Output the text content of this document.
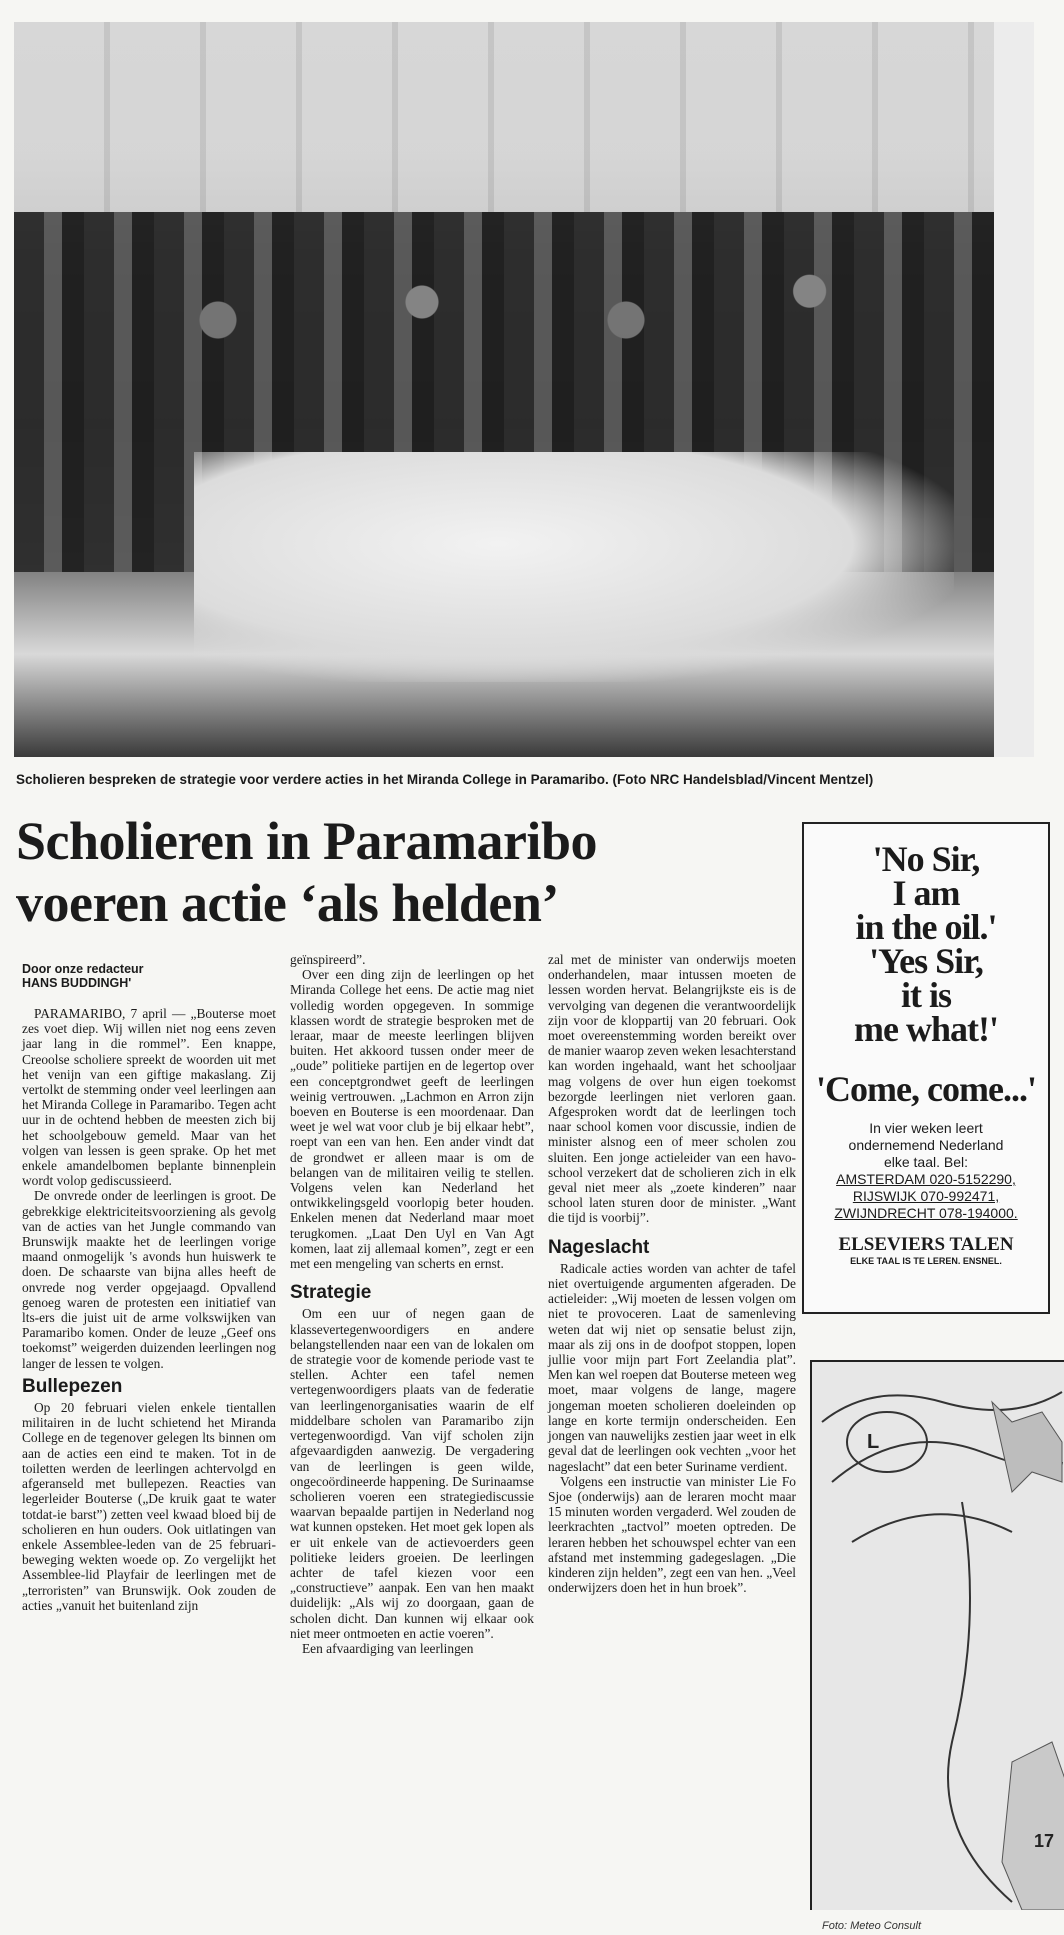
Scholieren bespreken de strategie voor verdere acties in het Miranda College in Paramaribo. (Foto NRC Handelsblad/Vincent Mentzel)
Scholieren in Paramaribo
voeren actie ‘als helden’
Door onze redacteur
HANS BUDDINGH'

PARAMARIBO, 7 april — „Bouterse moet zes voet diep. Wij willen niet nog eens zeven jaar lang in die rommel”. Een knappe, Creoolse scholiere spreekt de woorden uit met het venijn van een giftige makaslang. Zij vertolkt de stemming onder veel leerlingen aan het Miranda College in Paramaribo. Tegen acht uur in de ochtend hebben de meesten zich bij het schoolgebouw gemeld. Maar van het volgen van lessen is geen sprake. Op het met enkele amandelbomen beplante binnenplein wordt volop gediscussieerd.

De onvrede onder de leerlingen is groot. De gebrekkige elektriciteitsvoorziening als gevolg van de acties van het Jungle commando van Brunswijk maakte het de leerlingen vorige maand onmogelijk 's avonds hun huiswerk te doen. De schaarste van bijna alles heeft de onvrede nog verder opgejaagd. Opvallend genoeg waren de protesten een initiatief van lts-ers die juist uit de arme volkswijken van Paramaribo komen. Onder de leuze „Geef ons toekomst” weigerden duizenden leerlingen nog langer de lessen te volgen.

Bullepezen

Op 20 februari vielen enkele tientallen militairen in de lucht schietend het Miranda College en de tegenover gelegen lts binnen om aan de acties een eind te maken. Tot in de toiletten werden de leerlingen achtervolgd en afgeranseld met bullepezen. Reacties van legerleider Bouterse („De kruik gaat te water totdat-ie barst”) zetten veel kwaad bloed bij de scholieren en hun ouders. Ook uitlatingen van enkele Assemblee-leden van de 25 februari-beweging wekten woede op. Zo vergelijkt het Assemblee-lid Playfair de leerlingen met de „terroristen” van Brunswijk. Ook zouden de acties „vanuit het buitenland zijn

geïnspireerd”.

Over een ding zijn de leerlingen op het Miranda College het eens. De actie mag niet volledig worden opgegeven. In sommige klassen wordt de strategie besproken met de leraar, maar de meeste leerlingen blijven buiten. Het akkoord tussen onder meer de „oude” politieke partijen en de legertop over een conceptgrondwet geeft de leerlingen weinig vertrouwen. „Lachmon en Arron zijn boeven en Bouterse is een moordenaar. Dan weet je wel wat voor club je bij elkaar hebt”, roept van een van hen. Een ander vindt dat de grondwet er alleen maar is om de belangen van de militairen veilig te stellen. Volgens velen kan Nederland het ontwikkelingsgeld voorlopig beter houden. Enkelen menen dat Nederland maar moet terugkomen. „Laat Den Uyl en Van Agt komen, laat zij allemaal komen”, zegt er een met een mengeling van scherts en ernst.

Strategie

Om een uur of negen gaan de klassevertegenwoordigers en andere belangstellenden naar een van de lokalen om de strategie voor de komende periode vast te stellen. Achter een tafel nemen vertegenwoordigers plaats van de federatie van leerlingenorganisaties waarin de elf middelbare scholen van Paramaribo zijn vertegenwoordigd. Van vijf scholen zijn afgevaardigden aanwezig. De vergadering van de leerlingen is geen wilde, ongecoördineerde happening. De Surinaamse scholieren voeren een strategiediscussie waarvan bepaalde partijen in Nederland nog wat kunnen opsteken. Het moet gek lopen als er uit enkele van de actievoerders geen politieke leiders groeien. De leerlingen achter de tafel kiezen voor een „constructieve” aanpak. Een van hen maakt duidelijk: „Als wij zo doorgaan, gaan de scholen dicht. Dan kunnen wij elkaar ook niet meer ontmoeten en actie voeren”.

Een afvaardiging van leerlingen

zal met de minister van onderwijs moeten onderhandelen, maar intussen moeten de lessen worden hervat. Belangrijkste eis is de vervolging van degenen die verantwoordelijk zijn voor de kloppartij van 20 februari. Ook moet overeenstemming worden bereikt over de manier waarop zeven weken lesachterstand kan worden ingehaald, want het schooljaar mag volgens de over hun eigen toekomst bezorgde leerlingen niet verloren gaan. Afgesproken wordt dat de leerlingen toch naar school komen voor discussie, indien de minister alsnog een of meer scholen zou sluiten. Een jonge actieleider van een havo-school verzekert dat de scholieren zich in elk geval niet meer als „zoete kinderen” naar school laten sturen door de minister. „Want die tijd is voorbij”.

Nageslacht

Radicale acties worden van achter de tafel niet overtuigende argumenten afgeraden. De actieleider: „Wij moeten de lessen volgen om niet te provoceren. Laat de samenleving weten dat wij niet op sensatie belust zijn, maar als zij ons in de doofpot stoppen, lopen jullie voor mijn part Fort Zeelandia plat”. Men kan wel roepen dat Bouterse meteen weg moet, maar volgens de lange, magere jongeman moeten scholieren doeleinden op lange en korte termijn onderscheiden. Een jongen van nauwelijks zestien jaar weet in elk geval dat de leerlingen ook vechten „voor het nageslacht” dat een beter Suriname verdient.

Volgens een instructie van minister Lie Fo Sjoe (onderwijs) aan de leraren mocht maar 15 minuten worden vergaderd. Wel zouden de leerkrachten „tactvol” moeten optreden. De leraren hebben het schouwspel echter van een afstand met instemming gadegeslagen. „Die kinderen zijn helden”, zegt een van hen. „Veel onderwijzers doen het in hun broek”.

'No Sir,
I am
in the oil.'
'Yes Sir,
it is
me what!'
'Come, come...'
In vier weken leert
ondernemend Nederland
elke taal. Bel:
AMSTERDAM 020-5152290,
RIJSWIJK 070-992471,
ZWIJNDRECHT 078-194000.
ELSEVIERS TALEN
ELKE TAAL IS TE LEREN. ENSNEL.
L
17
Foto: Meteo Consult
